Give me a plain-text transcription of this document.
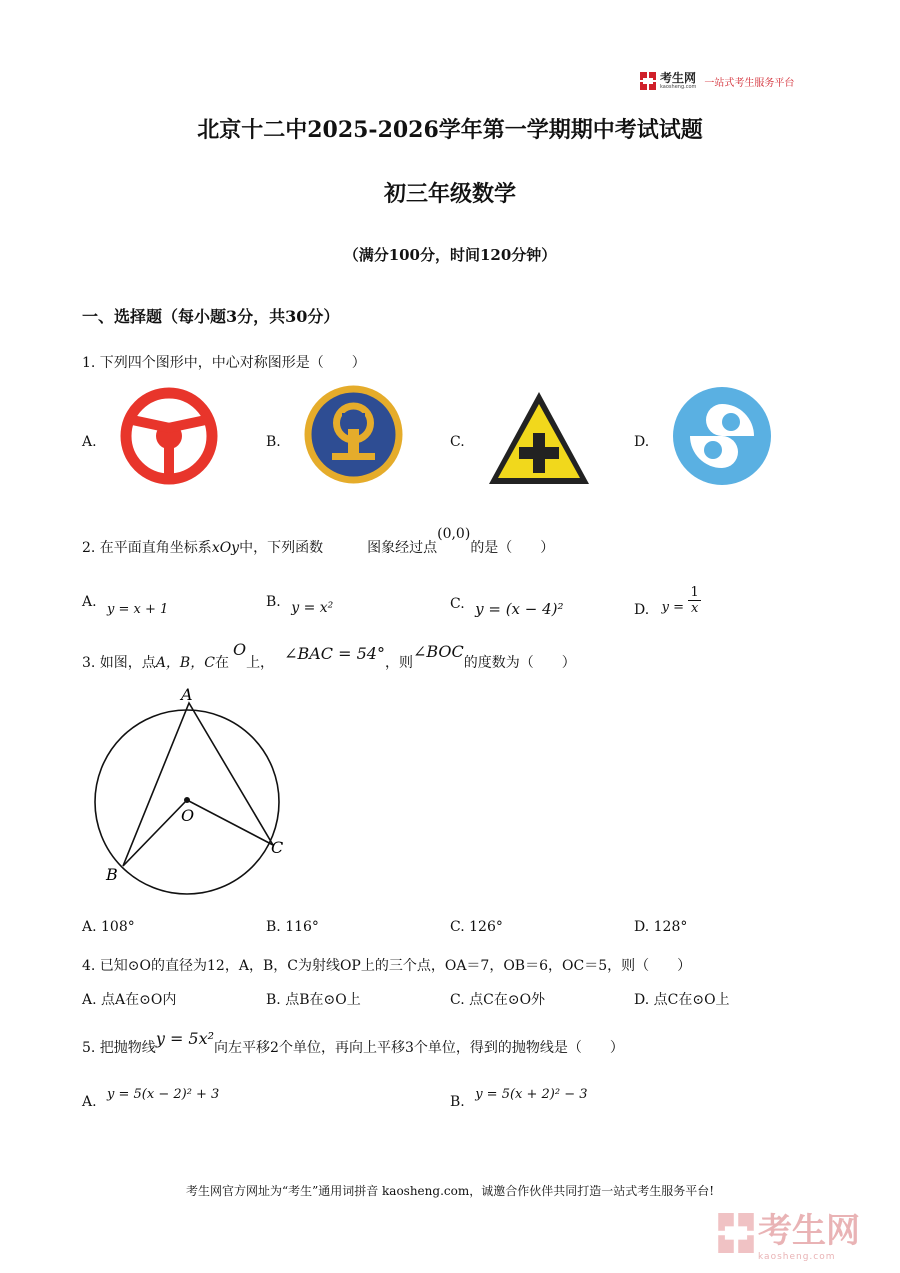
考生网
kaosheng.com 一站式考生服务平台
北京十二中2025-2026学年第一学期期中考试试题
初三年级数学
（满分100分，时间120分钟）
一、选择题（每小题3分，共30分）
1. 下列四个图形中，中心对称图形是（　　）
A.	B.	C.	D.
2. 在平面直角坐标系xOy中，下列函数	图象经过点(0,0)的是（　　）
A. y = x + 1	B. y = x²	C. y = (x − 4)²	D. $y = \frac{1}{x}$
3. 如图，点A，B，C在O上， ∠BAC = 54°，则∠BOC的度数为（　　）
A
O
B
C
A. 108°	B. 116°	C. 126°	D. 128°
4. 已知⊙O的直径为12，A，B，C为射线OP上的三个点，OA＝7，OB＝6，OC＝5，则（　　）
A. 点A在⊙O内	B. 点B在⊙O上	C. 点C在⊙O外	D. 点C在⊙O上
5. 把抛物线y = 5x²向左平移2个单位，再向上平移3个单位，得到的抛物线是（　　）
A. y = 5(x − 2)² + 3	B. y = 5(x + 2)² − 3
考生网官方网址为“考生”通用词拼音 kaosheng.com，诚邀合作伙伴共同打造一站式考生服务平台!
考生网
kaosheng.com
